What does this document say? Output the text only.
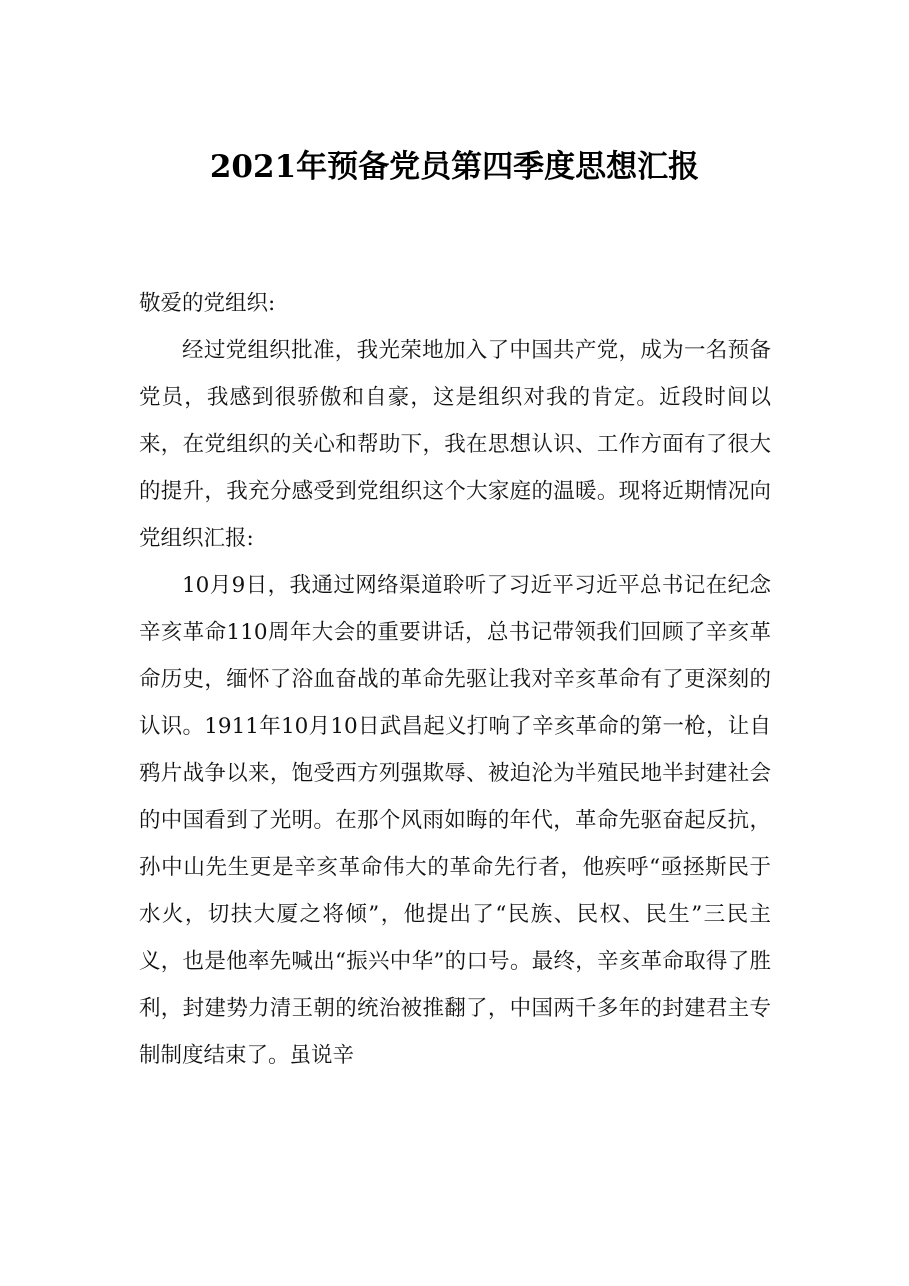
2021年预备党员第四季度思想汇报

敬爱的党组织:

经过党组织批准，我光荣地加入了中国共产党，成为一名预备党员，我感到很骄傲和自豪，这是组织对我的肯定。近段时间以来，在党组织的关心和帮助下，我在思想认识、工作方面有了很大的提升，我充分感受到党组织这个大家庭的温暖。现将近期情况向党组织汇报:

10月9日，我通过网络渠道聆听了习近平习近平总书记在纪念辛亥革命110周年大会的重要讲话，总书记带领我们回顾了辛亥革命历史，缅怀了浴血奋战的革命先驱让我对辛亥革命有了更深刻的认识。1911年10月10日武昌起义打响了辛亥革命的第一枪，让自鸦片战争以来，饱受西方列强欺辱、被迫沦为半殖民地半封建社会的中国看到了光明。在那个风雨如晦的年代，革命先驱奋起反抗，孙中山先生更是辛亥革命伟大的革命先行者，他疾呼“亟拯斯民于水火，切扶大厦之将倾”，他提出了“民族、民权、民生”三民主义，也是他率先喊出“振兴中华”的口号。最终，辛亥革命取得了胜利，封建势力清王朝的统治被推翻了，中国两千多年的封建君主专制制度结束了。虽说辛
